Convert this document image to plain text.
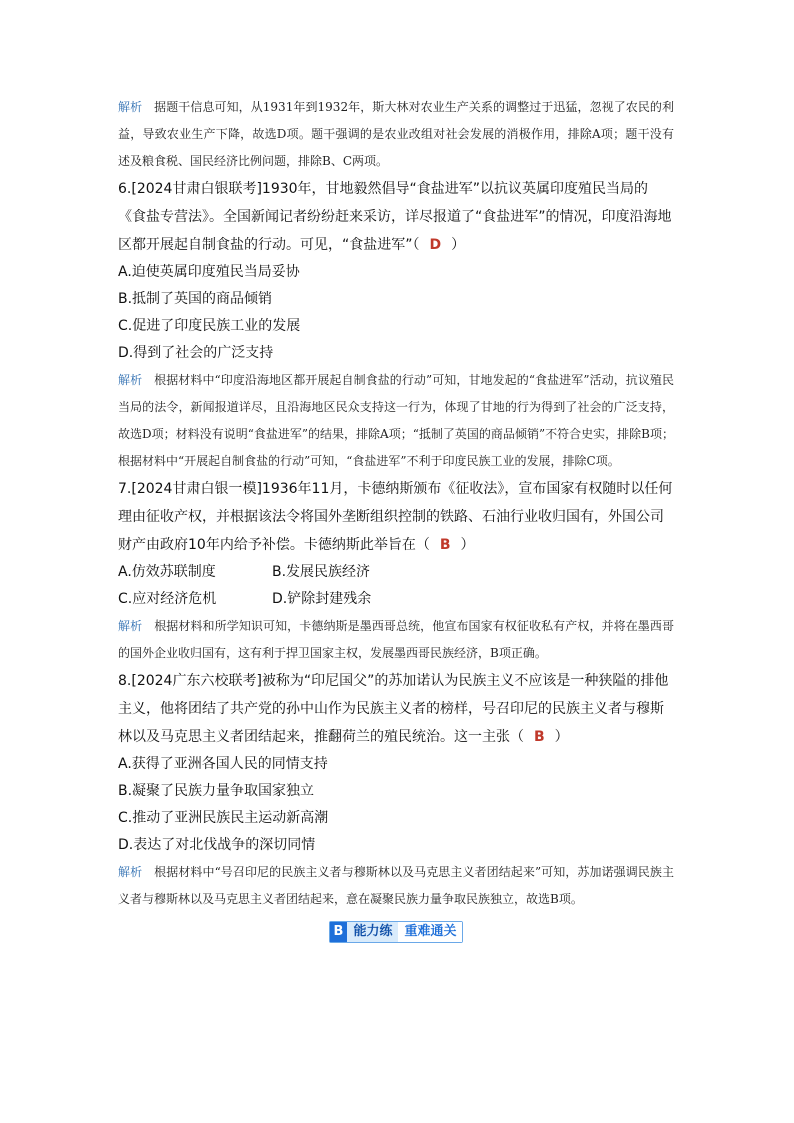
解析 据题干信息可知，从1931年到1932年，斯大林对农业生产关系的调整过于迅猛，忽视了农民的利益，导致农业生产下降，故选D项。题干强调的是农业改组对社会发展的消极作用，排除A项；题干没有述及粮食税、国民经济比例问题，排除B、C两项。

6.[2024甘肃白银联考]1930年，甘地毅然倡导“食盐进军”以抗议英属印度殖民当局的《食盐专营法》。全国新闻记者纷纷赶来采访，详尽报道了“食盐进军”的情况，印度沿海地区都开展起自制食盐的行动。可见，“食盐进军”（ D ）

A.迫使英属印度殖民当局妥协

B.抵制了英国的商品倾销

C.促进了印度民族工业的发展

D.得到了社会的广泛支持

解析 根据材料中“印度沿海地区都开展起自制食盐的行动”可知，甘地发起的“食盐进军”活动，抗议殖民当局的法令，新闻报道详尽，且沿海地区民众支持这一行为，体现了甘地的行为得到了社会的广泛支持，故选D项；材料没有说明“食盐进军”的结果，排除A项；“抵制了英国的商品倾销”不符合史实，排除B项；根据材料中“开展起自制食盐的行动”可知，“食盐进军”不利于印度民族工业的发展，排除C项。

7.[2024甘肃白银一模]1936年11月，卡德纳斯颁布《征收法》，宣布国家有权随时以任何理由征收产权，并根据该法令将国外垄断组织控制的铁路、石油行业收归国有，外国公司财产由政府10年内给予补偿。卡德纳斯此举旨在（ B ）

A.仿效苏联制度	B.发展民族经济

C.应对经济危机	D.铲除封建残余

解析 根据材料和所学知识可知，卡德纳斯是墨西哥总统，他宣布国家有权征收私有产权，并将在墨西哥的国外企业收归国有，这有利于捍卫国家主权，发展墨西哥民族经济，B项正确。

8.[2024广东六校联考]被称为“印尼国父”的苏加诺认为民族主义不应该是一种狭隘的排他主义，他将团结了共产党的孙中山作为民族主义者的榜样，号召印尼的民族主义者与穆斯林以及马克思主义者团结起来，推翻荷兰的殖民统治。这一主张（ B ）

A.获得了亚洲各国人民的同情支持

B.凝聚了民族力量争取国家独立

C.推动了亚洲民族民主运动新高潮

D.表达了对北伐战争的深切同情

解析 根据材料中“号召印尼的民族主义者与穆斯林以及马克思主义者团结起来”可知，苏加诺强调民族主义者与穆斯林以及马克思主义者团结起来，意在凝聚民族力量争取民族独立，故选B项。

B 能力练 重难通关
